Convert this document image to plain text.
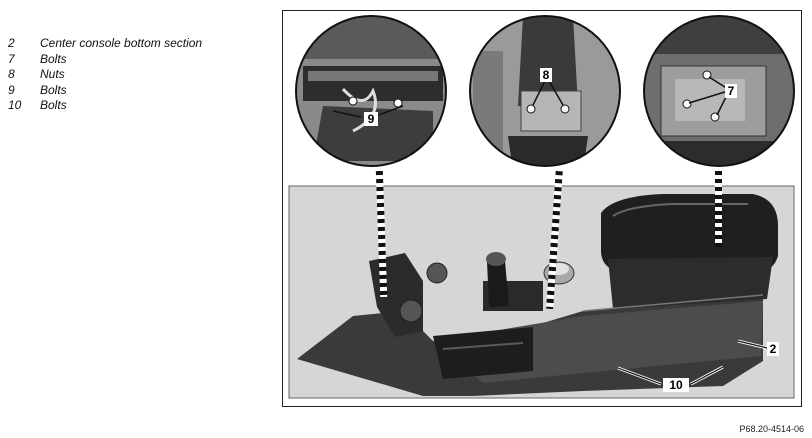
2 Center console bottom section
7 Bolts
8 Nuts
9 Bolts
10 Bolts
9
8
7
2
10
P68.20-4514-06
